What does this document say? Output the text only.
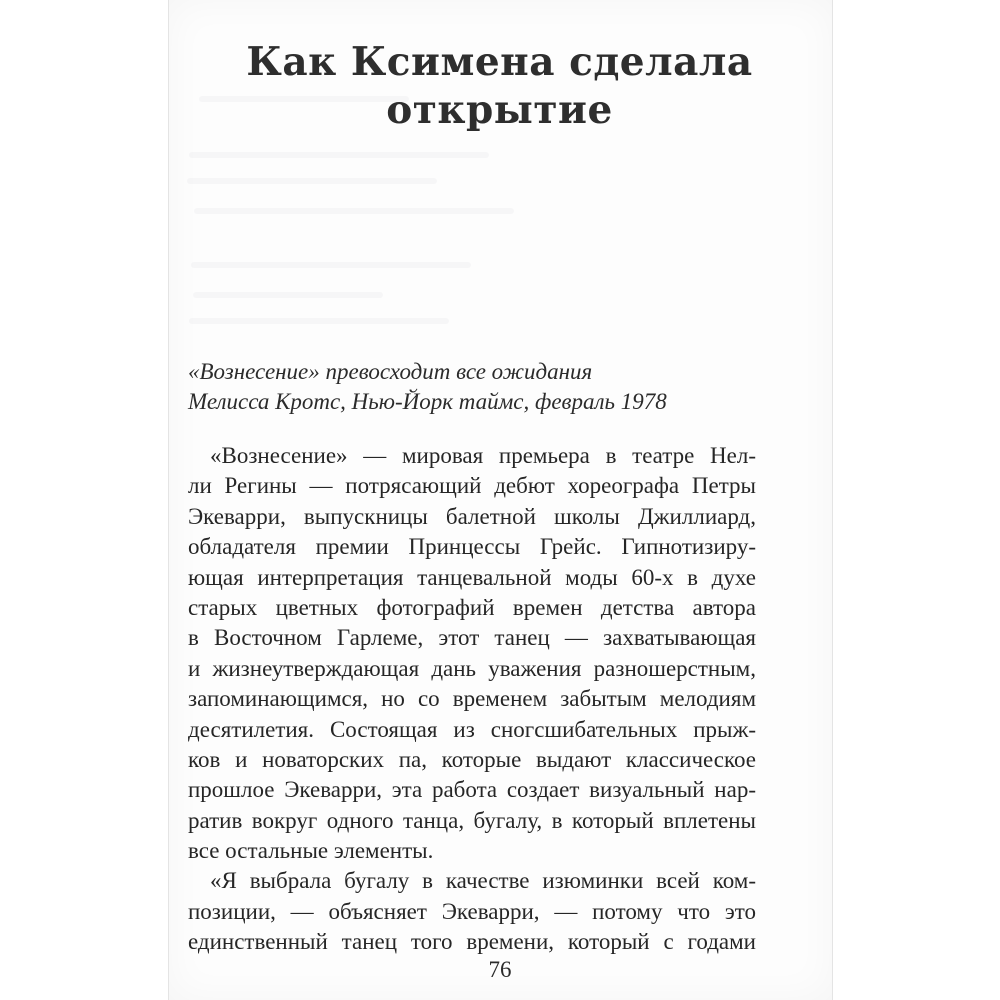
Как Ксимена сделала
открытие
«Вознесение» превосходит все ожидания
Мелисса Кротс, Нью-Йорк таймс, февраль 1978
«Вознесение» — мировая премьера в театре Нел-
ли Регины — потрясающий дебют хореографа Петры
Экеварри, выпускницы балетной школы Джиллиард,
обладателя премии Принцессы Грейс. Гипнотизиру-
ющая интерпретация танцевальной моды 60-х в духе
старых цветных фотографий времен детства автора
в Восточном Гарлеме, этот танец — захватывающая
и жизнеутверждающая дань уважения разношерстным,
запоминающимся, но со временем забытым мелодиям
десятилетия. Состоящая из сногсшибательных прыж-
ков и новаторских па, которые выдают классическое
прошлое Экеварри, эта работа создает визуальный нар-
ратив вокруг одного танца, бугалу, в который вплетены
все остальные элементы.
«Я выбрала бугалу в качестве изюминки всей ком-
позиции, — объясняет Экеварри, — потому что это
единственный танец того времени, который с годами
76
